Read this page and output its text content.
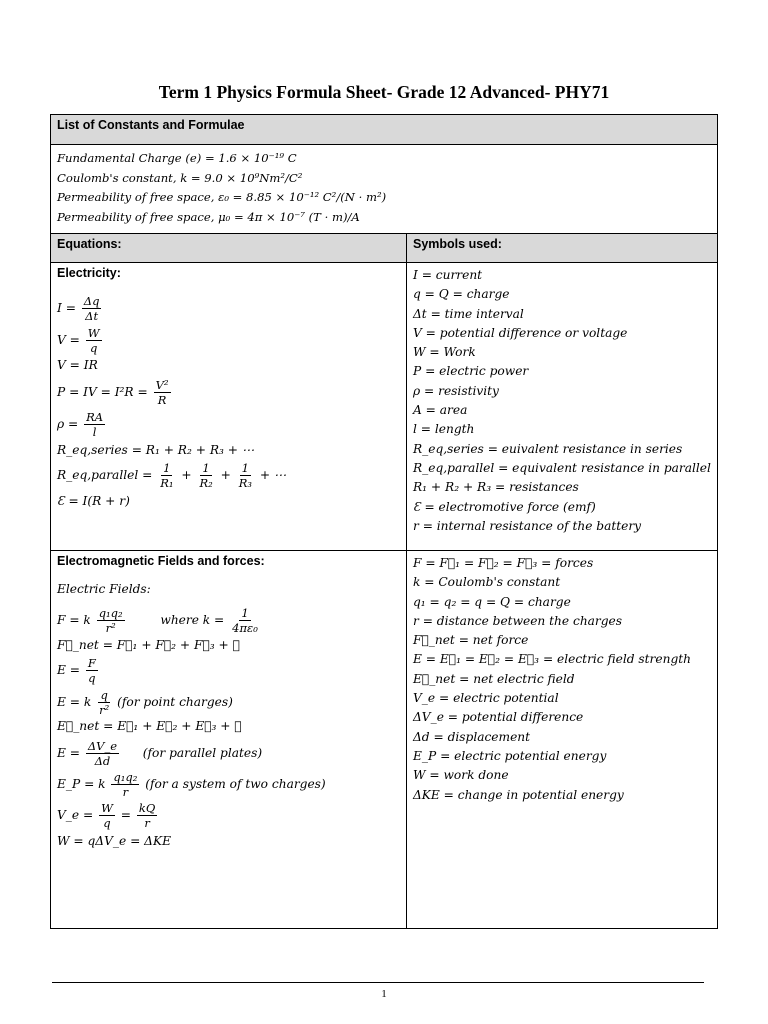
Term 1 Physics Formula Sheet- Grade 12 Advanced- PHY71
List of Constants and Formulae
Fundamental Charge (e) = 1.6 × 10⁻¹⁹ C
Coulomb's constant, k = 9.0 × 10⁹Nm²/C²
Permeability of free space, ε₀ = 8.85 × 10⁻¹² C²/(N · m²)
Permeability of free space, μ₀ = 4π × 10⁻⁷ (T · m)/A
Equations:	Symbols used:
Electricity:
$I = \frac{\Delta q}{\Delta t}$
$V = \frac{W}{q}$
V = IR
P = IV = $I^2R = \frac{\text{V²}}{R}$
$\rho = \frac{RA}{l}$
R_eq,series = R₁ + R₂ + R₃ + ⋯
R_eq,parallel = $\frac{1}{\text{R₁}} + \frac{1}{\text{R₂}} + \frac{1}{\text{R₃}}$ + ⋯
Ɛ = I(R + r)
I = current
q = Q = charge
Δt = time interval
V = potential difference or voltage
W = Work
P = electric power
ρ = resistivity
A = area
l = length
R_eq,series = euivalent resistance in series
R_eq,parallel = equivalent resistance in parallel
R₁ + R₂ + R₃ = resistances
Ɛ = electromotive force (emf)
r = internal resistance of the battery
Electromagnetic Fields and forces:
Electric Fields:
F = k $\frac{\text{q₁q₂}}{\text{r²}}$	where $k = \frac{1}{\text{4πε₀}}$
F⃗_net = F⃗₁ + F⃗₂ + F⃗₃ + ⋯
$E = \frac{F}{q}$
E = k $\frac{q}{\text{r²}} (for$ point charges)
E⃗_net = E⃗₁ + E⃗₂ + E⃗₃ + ⋯
$E = \frac{\Delta V\_e}{\Delta d} (for$ parallel plates)
E_P = k $\frac{\text{q₁q₂}}{r} (for$ a system of two charges)
V_e = $\frac{W}{q} = \frac{kQ}{r}$
W = qΔV_e = ΔKE
F = F⃗₁ = F⃗₂ = F⃗₃ = forces
k = Coulomb's constant
q₁ = q₂ = q = Q = charge
r = distance between the charges
F⃗_net = net force
E = E⃗₁ = E⃗₂ = E⃗₃ = electric field strength
E⃗_net = net electric field
V_e = electric potential
ΔV_e = potential difference
Δd = displacement
E_P = electric potential energy
W = work done
ΔKE = change in potential energy
1
